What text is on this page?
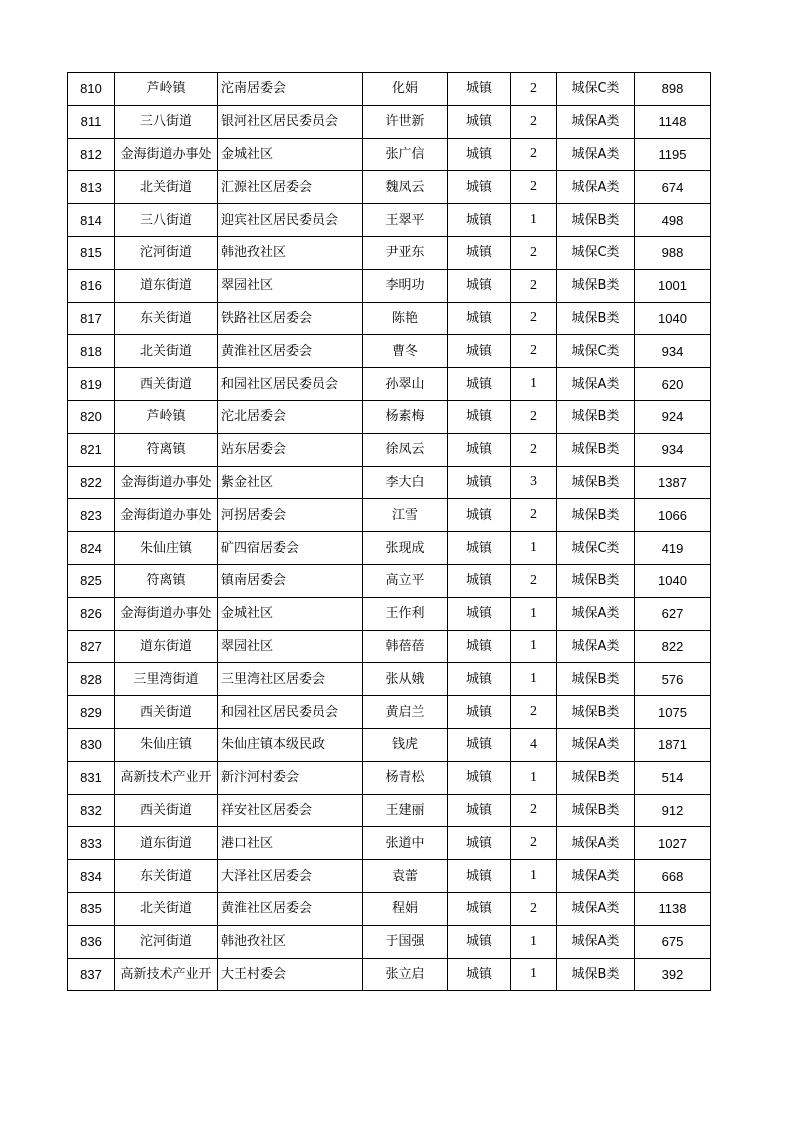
810	芦岭镇	沱南居委会	化娟	城镇	2	城保C类	898
811	三八街道	银河社区居民委员会	许世新	城镇	2	城保A类	1148
812	金海街道办事处	金城社区	张广信	城镇	2	城保A类	1195
813	北关街道	汇源社区居委会	魏凤云	城镇	2	城保A类	674
814	三八街道	迎宾社区居民委员会	王翠平	城镇	1	城保B类	498
815	沱河街道	韩池孜社区	尹亚东	城镇	2	城保C类	988
816	道东街道	翠园社区	李明功	城镇	2	城保B类	1001
817	东关街道	铁路社区居委会	陈艳	城镇	2	城保B类	1040
818	北关街道	黄淮社区居委会	曹冬	城镇	2	城保C类	934
819	西关街道	和园社区居民委员会	孙翠山	城镇	1	城保A类	620
820	芦岭镇	沱北居委会	杨素梅	城镇	2	城保B类	924
821	符离镇	站东居委会	徐凤云	城镇	2	城保B类	934
822	金海街道办事处	紫金社区	李大白	城镇	3	城保B类	1387
823	金海街道办事处	河拐居委会	江雪	城镇	2	城保B类	1066
824	朱仙庄镇	矿四宿居委会	张现成	城镇	1	城保C类	419
825	符离镇	镇南居委会	高立平	城镇	2	城保B类	1040
826	金海街道办事处	金城社区	王作利	城镇	1	城保A类	627
827	道东街道	翠园社区	韩蓓蓓	城镇	1	城保A类	822
828	三里湾街道	三里湾社区居委会	张从娥	城镇	1	城保B类	576
829	西关街道	和园社区居民委员会	黄启兰	城镇	2	城保B类	1075
830	朱仙庄镇	朱仙庄镇本级民政	钱虎	城镇	4	城保A类	1871
831	高新技术产业开	新汴河村委会	杨青松	城镇	1	城保B类	514
832	西关街道	祥安社区居委会	王建丽	城镇	2	城保B类	912
833	道东街道	港口社区	张道中	城镇	2	城保A类	1027
834	东关街道	大泽社区居委会	袁蕾	城镇	1	城保A类	668
835	北关街道	黄淮社区居委会	程娟	城镇	2	城保A类	1138
836	沱河街道	韩池孜社区	于国强	城镇	1	城保A类	675
837	高新技术产业开	大王村委会	张立启	城镇	1	城保B类	392
